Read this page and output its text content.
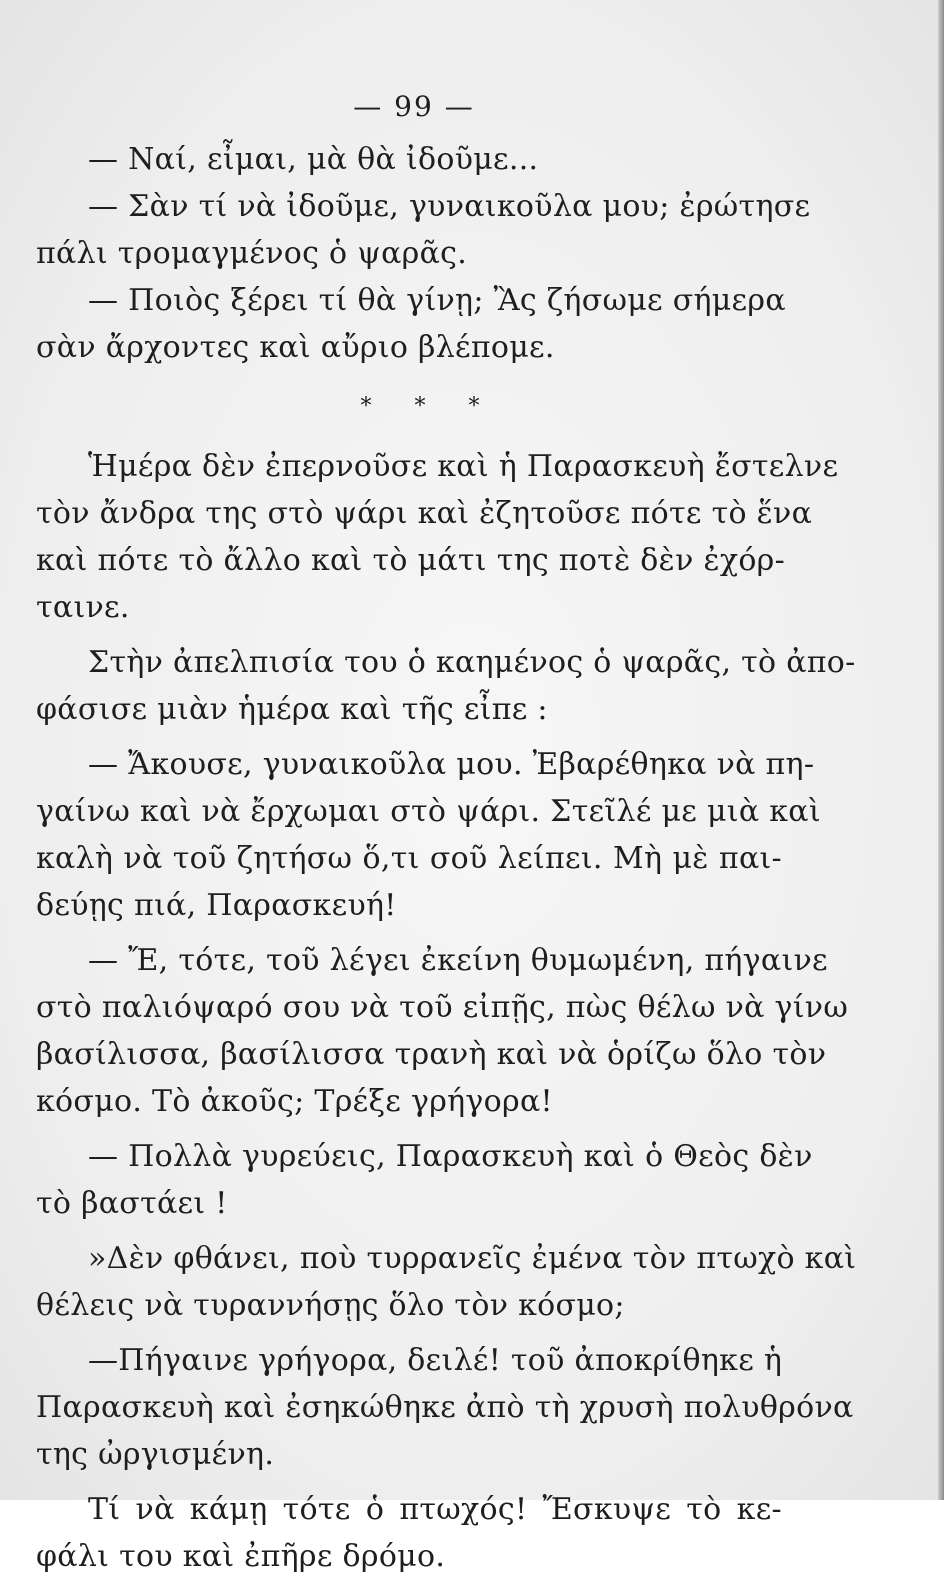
— 99 —
— Ναί, εἶμαι, μὰ θὰ ἰδοῦμε...
— Σὰν τί νὰ ἰδοῦμε, γυναικοῦλα μου; ἐρώτησε
πάλι τρομαγμένος ὁ ψαρᾶς.
— Ποιὸς ξέρει τί θὰ γίνῃ; Ἂς ζήσωμε σήμερα
σὰν ἄρχοντες καὶ αὔριο βλέπομε.
* * *
Ἡμέρα δὲν ἐπερνοῦσε καὶ ἡ Παρασκευὴ ἔστελνε
τὸν ἄνδρα της στὸ ψάρι καὶ ἐζητοῦσε πότε τὸ ἕνα
καὶ πότε τὸ ἄλλο καὶ τὸ μάτι της ποτὲ δὲν ἐχόρ-
ταινε.
Στὴν ἀπελπισία του ὁ καημένος ὁ ψαρᾶς, τὸ ἀπο-
φάσισε μιὰν ἡμέρα καὶ τῆς εἶπε :
— Ἄκουσε, γυναικοῦλα μου. Ἐβαρέθηκα νὰ πη-
γαίνω καὶ νὰ ἔρχωμαι στὸ ψάρι. Στεῖλέ με μιὰ καὶ
καλὴ νὰ τοῦ ζητήσω ὅ,τι σοῦ λείπει. Μὴ μὲ παι-
δεύῃς πιά, Παρασκευή!
— Ἔ, τότε, τοῦ λέγει ἐκείνη θυμωμένη, πήγαινε
στὸ παλιόψαρό σου νὰ τοῦ εἰπῇς, πὼς θέλω νὰ γίνω
βασίλισσα, βασίλισσα τρανὴ καὶ νὰ ὁρίζω ὅλο τὸν
κόσμο. Τὸ ἀκοῦς; Τρέξε γρήγορα!
— Πολλὰ γυρεύεις, Παρασκευὴ καὶ ὁ Θεὸς δὲν
τὸ βαστάει !
»Δὲν φθάνει, ποὺ τυρρανεῖς ἐμένα τὸν πτωχὸ καὶ
θέλεις νὰ τυραννήσῃς ὅλο τὸν κόσμο;
—Πήγαινε γρήγορα, δειλέ! τοῦ ἀποκρίθηκε ἡ
Παρασκευὴ καὶ ἐσηκώθηκε ἀπὸ τὴ χρυσὴ πολυθρόνα
της ὠργισμένη.
Τί νὰ κάμῃ τότε ὁ πτωχός! Ἔσκυψε τὸ κε-
φάλι του καὶ ἐπῆρε δρόμο.
